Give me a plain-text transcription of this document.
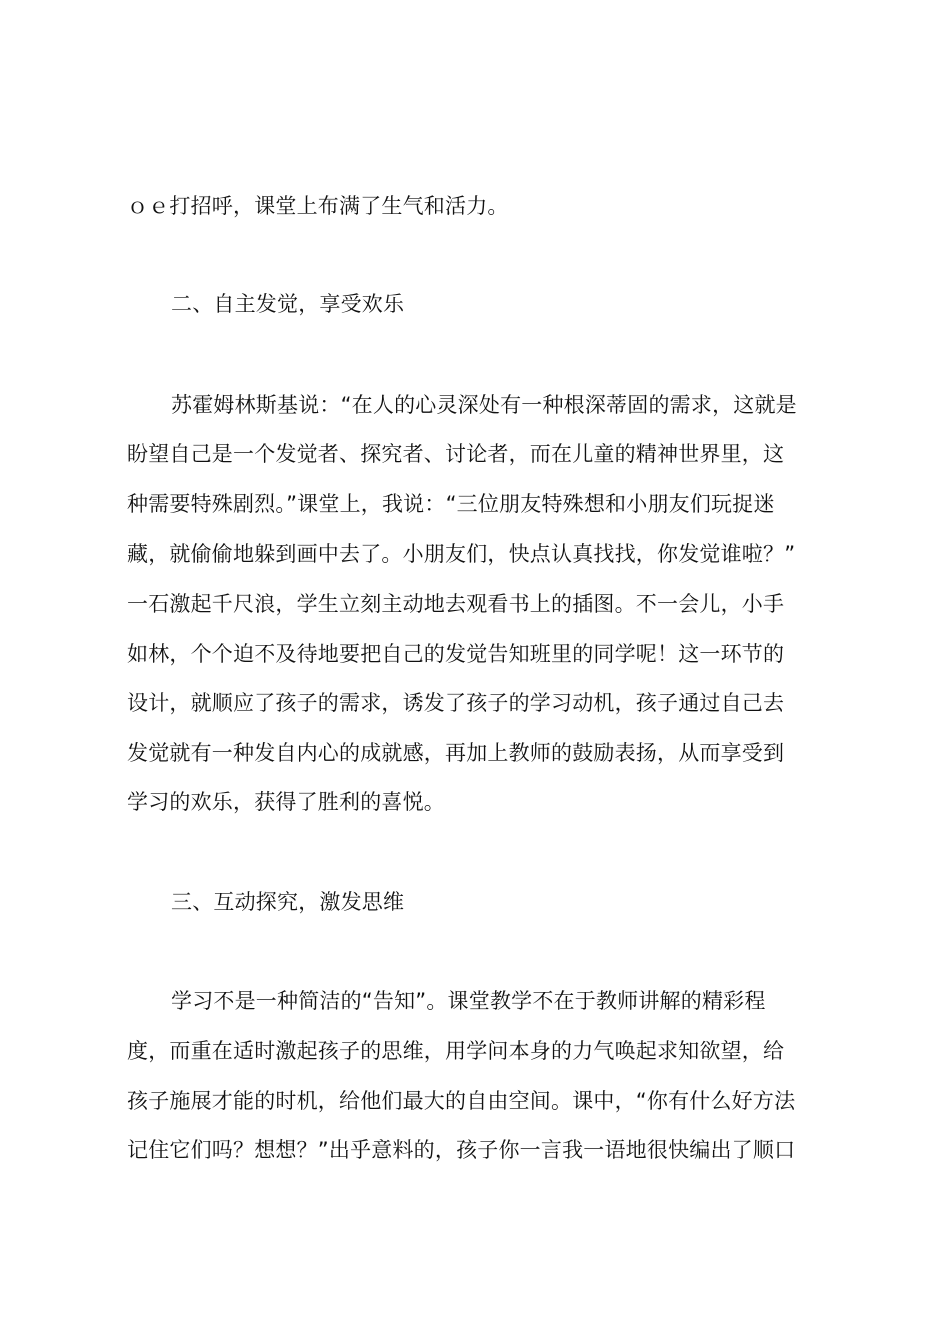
ｏｅ打招呼，课堂上布满了生气和活力。
二、自主发觉，享受欢乐
苏霍姆林斯基说：“在人的心灵深处有一种根深蒂固的需求，这就是
盼望自己是一个发觉者、探究者、讨论者，而在儿童的精神世界里，这
种需要特殊剧烈。”课堂上，我说：“三位朋友特殊想和小朋友们玩捉迷
藏，就偷偷地躲到画中去了。小朋友们，快点认真找找，你发觉谁啦？”
一石激起千尺浪，学生立刻主动地去观看书上的插图。不一会儿，小手
如林，个个迫不及待地要把自己的发觉告知班里的同学呢！这一环节的
设计，就顺应了孩子的需求，诱发了孩子的学习动机，孩子通过自己去
发觉就有一种发自内心的成就感，再加上教师的鼓励表扬，从而享受到
学习的欢乐，获得了胜利的喜悦。
三、互动探究，激发思维
学习不是一种简洁的“告知”。课堂教学不在于教师讲解的精彩程
度，而重在适时激起孩子的思维，用学问本身的力气唤起求知欲望，给
孩子施展才能的时机，给他们最大的自由空间。课中，“你有什么好方法
记住它们吗？想想？”出乎意料的，孩子你一言我一语地很快编出了顺口
